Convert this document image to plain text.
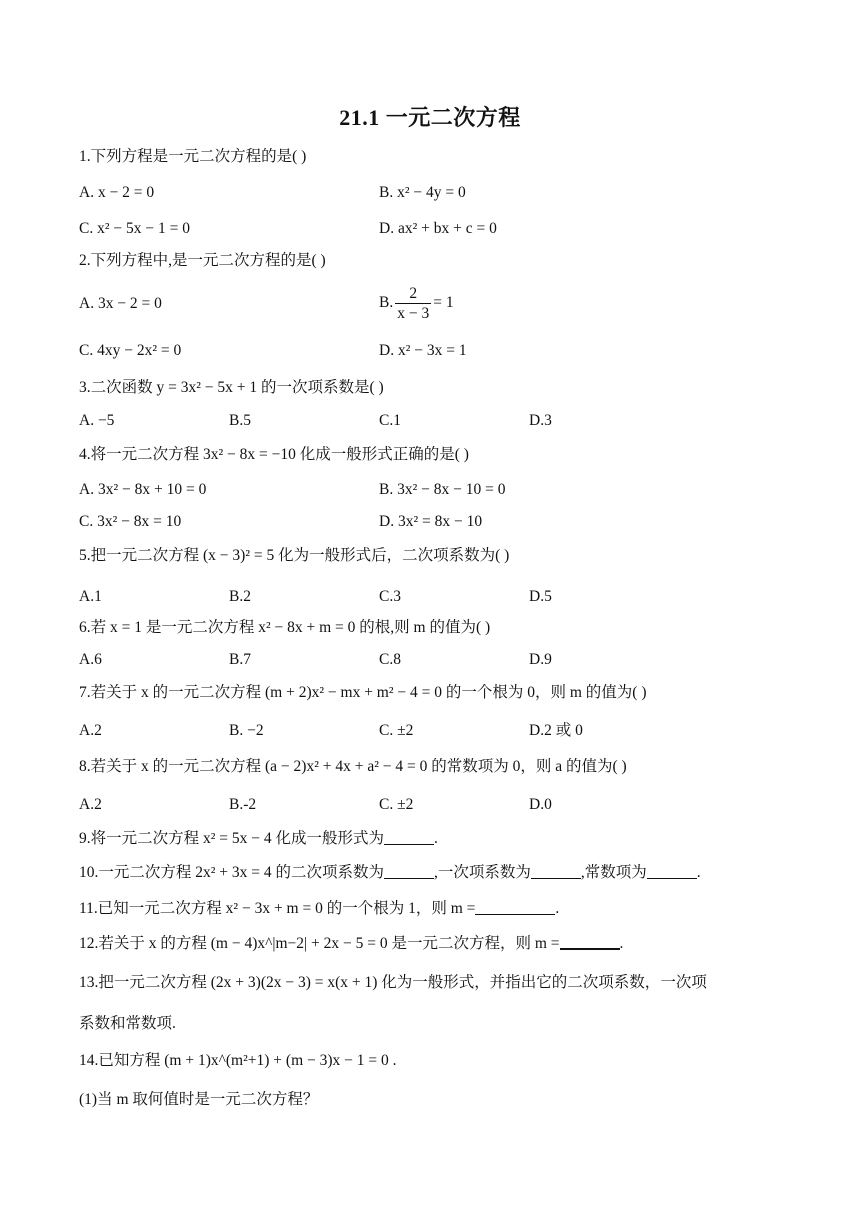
21.1 一元二次方程
1.下列方程是一元二次方程的是( )
A. x − 2 = 0	B. x² − 4y = 0
C. x² − 5x − 1 = 0	D. ax² + bx + c = 0
2.下列方程中,是一元二次方程的是( )
A. 3x − 2 = 0	B. $\frac{2}{x - 3} = 1$
C. 4xy − 2x² = 0	D. x² − 3x = 1
3.二次函数 y = 3x² − 5x + 1 的一次项系数是( )
A. −5	B.5	C.1	D.3
4.将一元二次方程 3x² − 8x = −10 化成一般形式正确的是( )
A. 3x² − 8x + 10 = 0	B. 3x² − 8x − 10 = 0
C. 3x² − 8x = 10	D. 3x² = 8x − 10
5.把一元二次方程 (x − 3)² = 5 化为一般形式后，二次项系数为( )
A.1	B.2	C.3	D.5
6.若 x = 1 是一元二次方程 x² − 8x + m = 0 的根,则 m 的值为( )
A.6	B.7	C.8	D.9
7.若关于 x 的一元二次方程 (m + 2)x² − mx + m² − 4 = 0 的一个根为 0，则 m 的值为( )
A.2	B. −2	C. ±2	D.2 或 0
8.若关于 x 的一元二次方程 (a − 2)x² + 4x + a² − 4 = 0 的常数项为 0，则 a 的值为( )
A.2	B.-2	C. ±2	D.0
9.将一元二次方程 x² = 5x − 4 化成一般形式为	.
10.一元二次方程 2x² + 3x = 4 的二次项系数为	,一次项系数为	,常数项为	.
11.已知一元二次方程 x² − 3x + m = 0 的一个根为 1，则 m =	.
12.若关于 x 的方程 (m − 4)x^|m−2| + 2x − 5 = 0 是一元二次方程，则 m =	.
13.把一元二次方程 (2x + 3)(2x − 3) = x(x + 1) 化为一般形式，并指出它的二次项系数，一次项
系数和常数项.
14.已知方程 (m + 1)x^(m²+1) + (m − 3)x − 1 = 0 .
(1)当 m 取何值时是一元二次方程？
